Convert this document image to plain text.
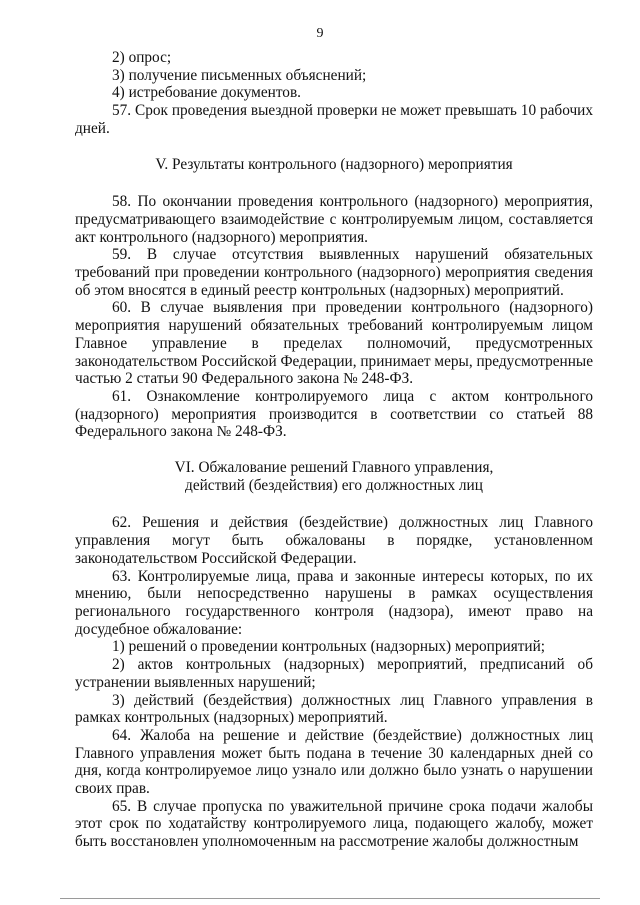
9

2) опрос;

3) получение письменных объяснений;

4) истребование документов.

57. Срок проведения выездной проверки не может превышать 10 рабочих дней.

V. Результаты контрольного (надзорного) мероприятия

58. По окончании проведения контрольного (надзорного) мероприятия, предусматривающего взаимодействие с контролируемым лицом, составляется акт контрольного (надзорного) мероприятия.

59. В случае отсутствия выявленных нарушений обязательных требований при проведении контрольного (надзорного) мероприятия сведения об этом вносятся в единый реестр контрольных (надзорных) мероприятий.

60. В случае выявления при проведении контрольного (надзорного) мероприятия нарушений обязательных требований контролируемым лицом Главное управление в пределах полномочий, предусмотренных законодательством Российской Федерации, принимает меры, предусмотренные частью 2 статьи 90 Федерального закона № 248-ФЗ.

61. Ознакомление контролируемого лица с актом контрольного (надзорного) мероприятия производится в соответствии со статьей 88 Федерального закона № 248-ФЗ.

VI. Обжалование решений Главного управления,

действий (бездействия) его должностных лиц

62. Решения и действия (бездействие) должностных лиц Главного управления могут быть обжалованы в порядке, установленном законодательством Российской Федерации.

63. Контролируемые лица, права и законные интересы которых, по их мнению, были непосредственно нарушены в рамках осуществления регионального государственного контроля (надзора), имеют право на досудебное обжалование:

1) решений о проведении контрольных (надзорных) мероприятий;

2) актов контрольных (надзорных) мероприятий, предписаний об устранении выявленных нарушений;

3) действий (бездействия) должностных лиц Главного управления в рамках контрольных (надзорных) мероприятий.

64. Жалоба на решение и действие (бездействие) должностных лиц Главного управления может быть подана в течение 30 календарных дней со дня, когда контролируемое лицо узнало или должно было узнать о нарушении своих прав.

65. В случае пропуска по уважительной причине срока подачи жалобы этот срок по ходатайству контролируемого лица, подающего жалобу, может быть восстановлен уполномоченным на рассмотрение жалобы должностным
